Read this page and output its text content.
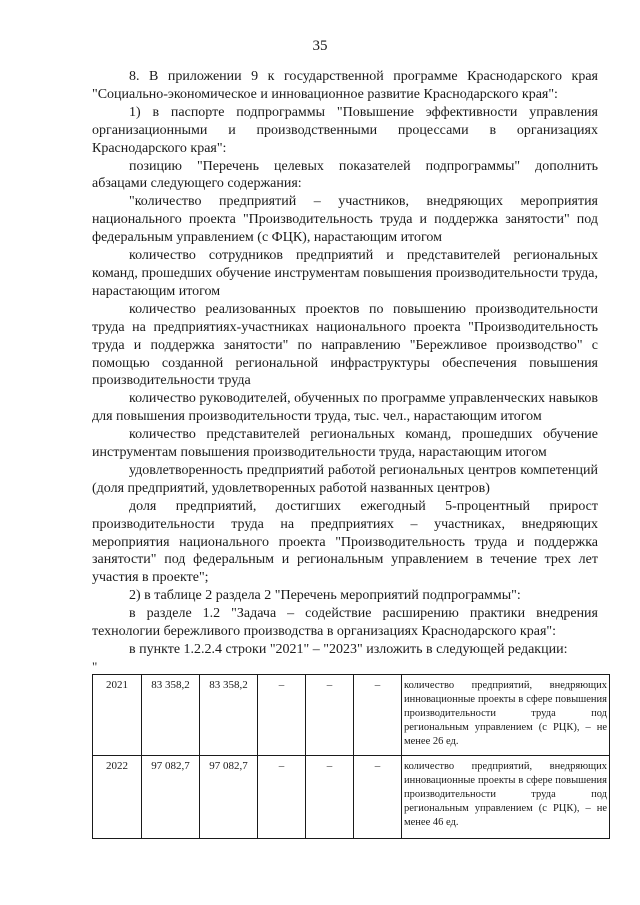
35

8. В приложении 9 к государственной программе Краснодарского края "Социально-экономическое и инновационное развитие Краснодарского края":

1) в паспорте подпрограммы "Повышение эффективности управления организационными и производственными процессами в организациях Краснодарского края":

позицию "Перечень целевых показателей подпрограммы" дополнить абзацами следующего содержания:

"количество предприятий – участников, внедряющих мероприятия национального проекта "Производительность труда и поддержка занятости" под федеральным управлением (с ФЦК), нарастающим итогом

количество сотрудников предприятий и представителей региональных команд, прошедших обучение инструментам повышения производительности труда, нарастающим итогом

количество реализованных проектов по повышению производительности труда на предприятиях-участниках национального проекта "Производительность труда и поддержка занятости" по направлению "Бережливое производство" с помощью созданной региональной инфраструктуры обеспечения повышения производительности труда

количество руководителей, обученных по программе управленческих навыков для повышения производительности труда, тыс. чел., нарастающим итогом

количество представителей региональных команд, прошедших обучение инструментам повышения производительности труда, нарастающим итогом

удовлетворенность предприятий работой региональных центров компетенций (доля предприятий, удовлетворенных работой названных центров)

доля предприятий, достигших ежегодный 5-процентный прирост производительности труда на предприятиях – участниках, внедряющих мероприятия национального проекта "Производительность труда и поддержка занятости" под федеральным и региональным управлением в течение трех лет участия в проекте";

2) в таблице 2 раздела 2 "Перечень мероприятий подпрограммы":

в разделе 1.2 "Задача – содействие расширению практики внедрения технологии бережливого производства в организациях Краснодарского края":

в пункте 1.2.2.4 строки "2021" – "2023" изложить в следующей редакции:

"
2021	83 358,2	83 358,2	–	–	–	количество предприятий, внедряющих инновационные проекты в сфере повышения производительности труда под региональным управлением (с РЦК), – не менее 26 ед.
2022	97 082,7	97 082,7	–	–	–	количество предприятий, внедряющих инновационные проекты в сфере повышения производительности труда под региональным управлением (с РЦК), – не менее 46 ед.
